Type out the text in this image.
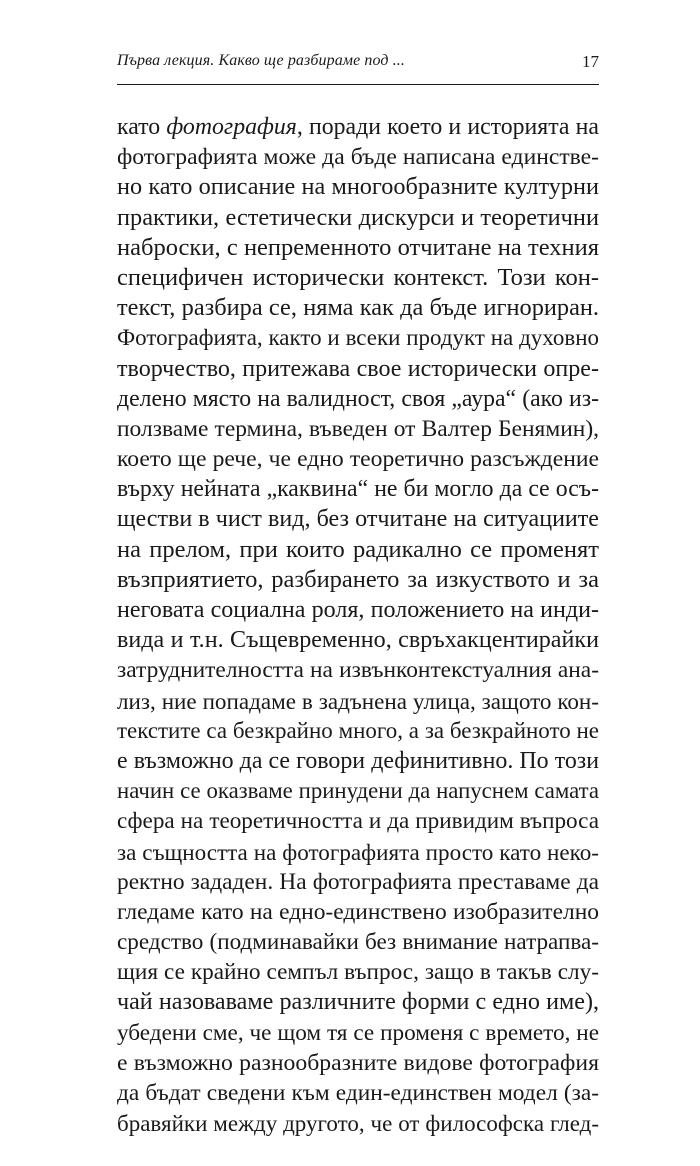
Първа лекция. Какво ще разбираме под ...	17
като фотография, поради което и историята на
фотографията може да бъде написана единстве-
но като описание на многообразните културни
практики, естетически дискурси и теоретични
наброски, с непременното отчитане на техния
специфичен исторически контекст. Този кон-
текст, разбира се, няма как да бъде игнориран.
Фотографията, както и всеки продукт на духовно
творчество, притежава свое исторически опре-
делено място на валидност, своя „аура“ (ако из-
ползваме термина, въведен от Валтер Бенямин),
което ще рече, че едно теоретично разсъждение
върху нейната „каквина“ не би могло да се осъ-
ществи в чист вид, без отчитане на ситуациите
на прелом, при които радикално се променят
възприятието, разбирането за изкуството и за
неговата социална роля, положението на инди-
вида и т.н. Същевременно, свръхакцентирайки
затруднителността на извънконтекстуалния ана-
лиз, ние попадаме в задънена улица, защото кон-
текстите са безкрайно много, а за безкрайното не
е възможно да се говори дефинитивно. По този
начин се оказваме принудени да напуснем самата
сфера на теоретичността и да привидим въпроса
за същността на фотографията просто като неко-
ректно зададен. На фотографията преставаме да
гледаме като на едно-единствено изобразително
средство (подминавайки без внимание натрапва-
щия се крайно семпъл въпрос, защо в такъв слу-
чай назоваваме различните форми с едно име),
убедени сме, че щом тя се променя с времето, не
е възможно разнообразните видове фотография
да бъдат сведени към един-единствен модел (за-
бравяйки между другото, че от философска глед-
